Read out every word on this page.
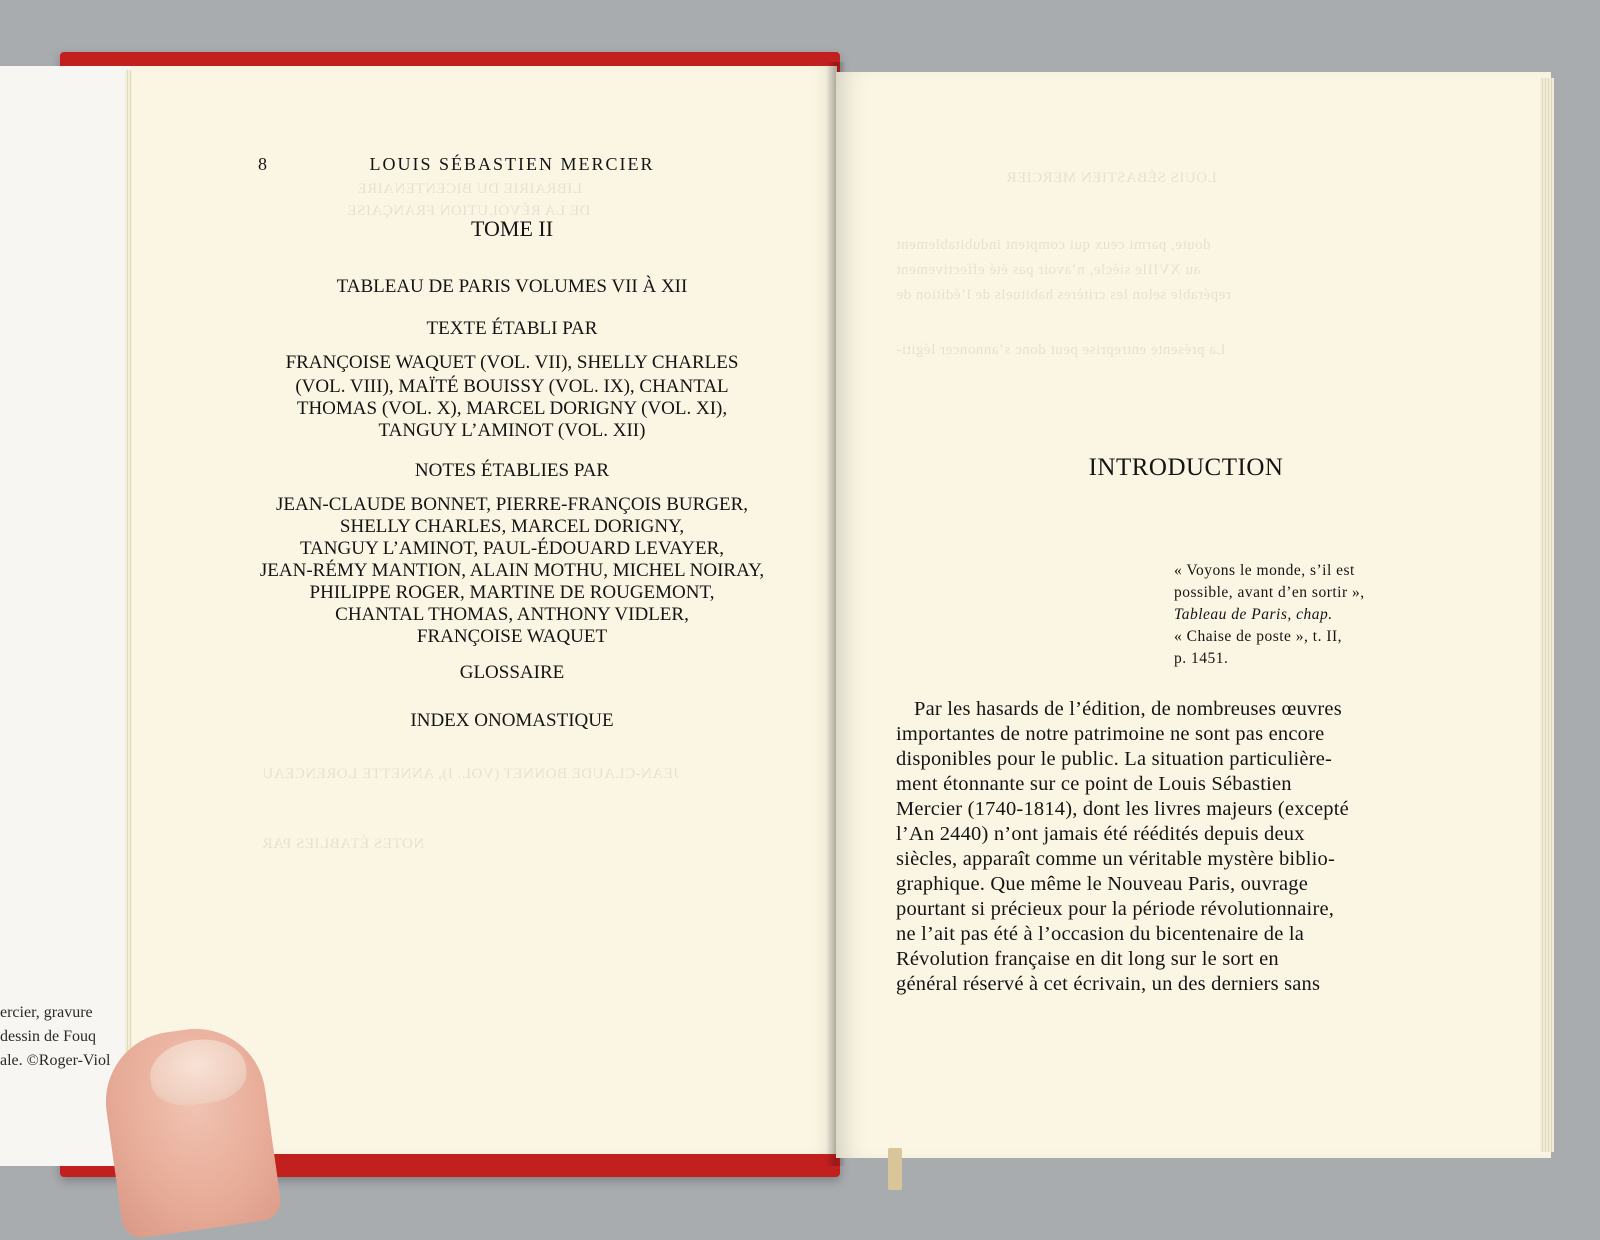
ercier, gravure
dessin de Fouq
ale. ©Roger-Viol
LIBRAIRIE DU BICENTENAIRE
DE LA RÉVOLUTION FRANÇAISE
JEAN-CLAUDE BONNET (VOL. I), ANNETTE LORENCEAU
NOTES ÉTABLIES PAR
8	LOUIS SÉBASTIEN MERCIER
TOME II
TABLEAU DE PARIS VOLUMES VII À XII
TEXTE ÉTABLI PAR
FRANÇOISE WAQUET (VOL. VII), SHELLY CHARLES
(VOL. VIII), MAÏTÉ BOUISSY (VOL. IX), CHANTAL
THOMAS (VOL. X), MARCEL DORIGNY (VOL. XI),
TANGUY L’AMINOT (VOL. XII)
NOTES ÉTABLIES PAR
JEAN-CLAUDE BONNET, PIERRE-FRANÇOIS BURGER,
SHELLY CHARLES, MARCEL DORIGNY,
TANGUY L’AMINOT, PAUL-ÉDOUARD LEVAYER,
JEAN-RÉMY MANTION, ALAIN MOTHU, MICHEL NOIRAY,
PHILIPPE ROGER, MARTINE DE ROUGEMONT,
CHANTAL THOMAS, ANTHONY VIDLER,
FRANÇOISE WAQUET
GLOSSAIRE
INDEX ONOMASTIQUE
LOUIS SÉBASTIEN MERCIER
doute, parmi ceux qui comptent indubitablement
au XVIIIe siècle, n’avoir pas été effectivement
repérable selon les critères habituels de l’édition de
La présente entreprise peut donc s’annoncer légiti-
INTRODUCTION
« Voyons le monde, s’il est
possible, avant d’en sortir »,
Tableau de Paris, chap.
« Chaise de poste », t. II,
p. 1451.
Par les hasards de l’édition, de nombreuses œuvres
importantes de notre patrimoine ne sont pas encore
disponibles pour le public. La situation particulière-
ment étonnante sur ce point de Louis Sébastien
Mercier (1740-1814), dont les livres majeurs (excepté
l’An 2440) n’ont jamais été réédités depuis deux
siècles, apparaît comme un véritable mystère biblio-
graphique. Que même le Nouveau Paris, ouvrage
pourtant si précieux pour la période révolutionnaire,
ne l’ait pas été à l’occasion du bicentenaire de la
Révolution française en dit long sur le sort en
général réservé à cet écrivain, un des derniers sans
